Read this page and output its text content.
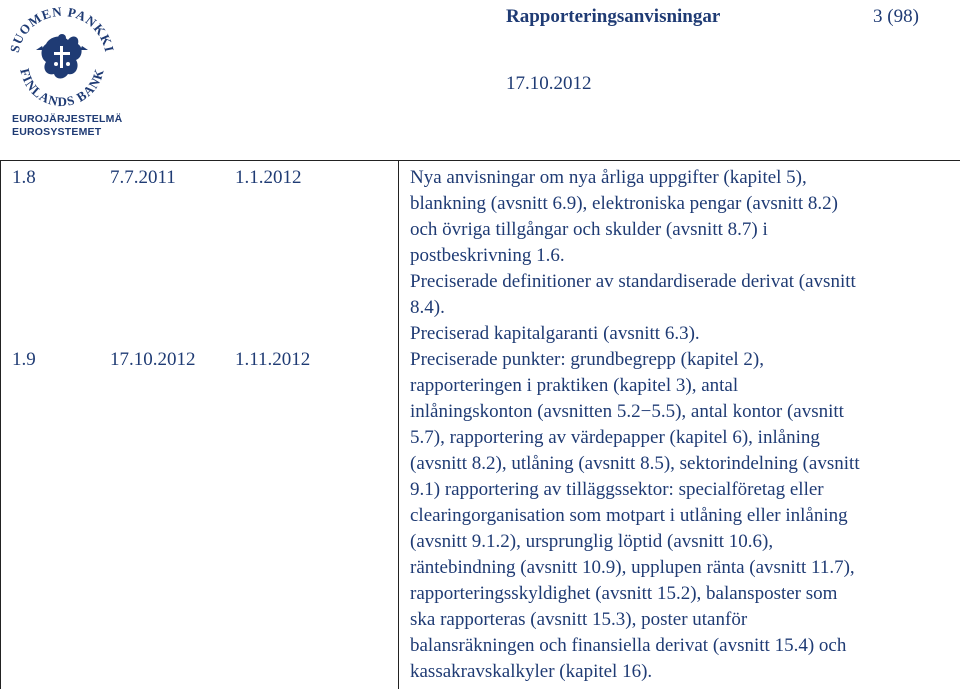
SUOMEN PANKKI
FINLANDS BANK
EUROJÄRJESTELMÄ
EUROSYSTEMET
Rapporteringsanvisningar	3 (98)
17.10.2012
1.8	7.7.2011	1.1.2012	Nya anvisningar om nya årliga uppgifter (kapitel 5),
blankning (avsnitt 6.9), elektroniska pengar (avsnitt 8.2)
och övriga tillgångar och skulder (avsnitt 8.7) i
postbeskrivning 1.6.
Preciserade definitioner av standardiserade derivat (avsnitt
8.4).
Preciserad kapitalgaranti (avsnitt 6.3).
1.9	17.10.2012 1.11.2012	Preciserade punkter: grundbegrepp (kapitel 2),
rapporteringen i praktiken (kapitel 3), antal
inlåningskonton (avsnitten 5.2−5.5), antal kontor (avsnitt
5.7), rapportering av värdepapper (kapitel 6), inlåning
(avsnitt 8.2), utlåning (avsnitt 8.5), sektorindelning (avsnitt
9.1) rapportering av tilläggssektor: specialföretag eller
clearingorganisation som motpart i utlåning eller inlåning
(avsnitt 9.1.2), ursprunglig löptid (avsnitt 10.6),
räntebindning (avsnitt 10.9), upplupen ränta (avsnitt 11.7),
rapporteringsskyldighet (avsnitt 15.2), balansposter som
ska rapporteras (avsnitt 15.3), poster utanför
balansräkningen och finansiella derivat (avsnitt 15.4) och
kassakravskalkyler (kapitel 16).
